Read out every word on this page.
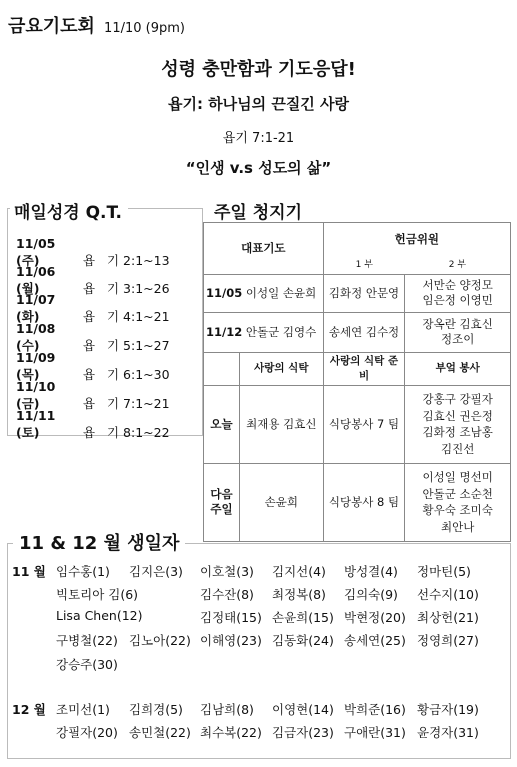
금요기도회 11/10 (9pm)
성령 충만함과 기도응답!
욥기: 하나님의 끈질긴 사랑
욥기 7:1-21
“인생 v.s 성도의 삶”
매일성경 Q.T.
11/05 (주)	욥   기 2:1~13
11/06 (월)	욥   기 3:1~26
11/07 (화)	욥   기 4:1~21
11/08 (수)	욥   기 5:1~27
11/09 (목)	욥   기 6:1~30
11/10 (금)	욥   기 7:1~21
11/11 (토)	욥   기 8:1~22
주일 청지기
대표기도		헌금위원	
		1 부	2 부
11/05 이성일 손윤희		김화정 안문영	서만순 양정모
임은정 이영민
11/12 안돌군 김영수		송세연 김수정	장옥란 김효신
정조이
	사랑의 식탁	사랑의 식탁 준비	부엌 봉사
오늘	최재용 김효신	식당봉사 7 팀	강홍구 강필자
김효신 권은정
김화정 조남홍
김진선
다음
주일	손윤희	식당봉사 8 팀	이성일 명선미
안돌군 소순천
황우숙 조미숙
최안나
11 & 12 월 생일자
11 월 임수홍(1) 김지은(3) 이호철(3) 김지선(4) 방성결(4) 정마틴(5)
빅토리아 김(6)	김수잔(8) 최정복(8) 김의숙(9) 선수지(10)
Lisa Chen(12)	김정태(15) 손윤희(15) 박현정(20) 최상헌(21)
구병철(22) 김노아(22) 이해영(23) 김동화(24) 송세연(25) 정영희(27)
강승주(30)
12 월 조미선(1) 김희경(5) 김남희(8) 이영현(14) 박희준(16) 황금자(19)
강필자(20) 송민철(22) 최수복(22) 김금자(23) 구애란(31) 윤경자(31)
